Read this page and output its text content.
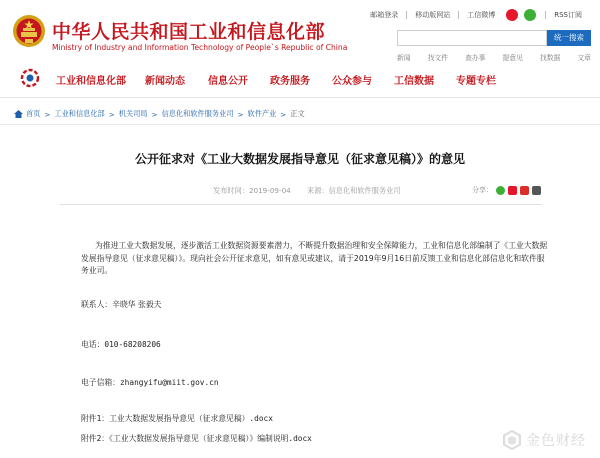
中华人民共和国工业和信息化部
Ministry of Industry and Information Technology of People`s Republic of China
邮箱登录	移动版网站	工信微博	RSS订阅
统一搜索
新闻	找文件	查办事	提意见	找数据	文章
工业和信息化部 新闻动态 信息公开 政务服务 公众参与 工信数据 专题专栏
首页 > 工业和信息化部 > 机关司局 > 信息化和软件服务业司 > 软件产业 > 正文
公开征求对《工业大数据发展指导意见（征求意见稿）》的意见
发布时间：2019-09-04 来源：信息化和软件服务业司	分享：

为推进工业大数据发展，逐步激活工业数据资源要素潜力，不断提升数据治理和安全保障能力，工业和信息化部编制了《工业大数据发展指导意见（征求意见稿）》。现向社会公开征求意见，如有意见或建议，请于2019年9月16日前反馈工业和信息化部信息化和软件服务业司。

联系人：辛晓华 张毅夫
电话：010-68208206
电子信箱：zhangyifu@miit.gov.cn
附件1：工业大数据发展指导意见（征求意见稿）.docx
附件2：《工业大数据发展指导意见（征求意见稿）》编制说明.docx	金色财经
